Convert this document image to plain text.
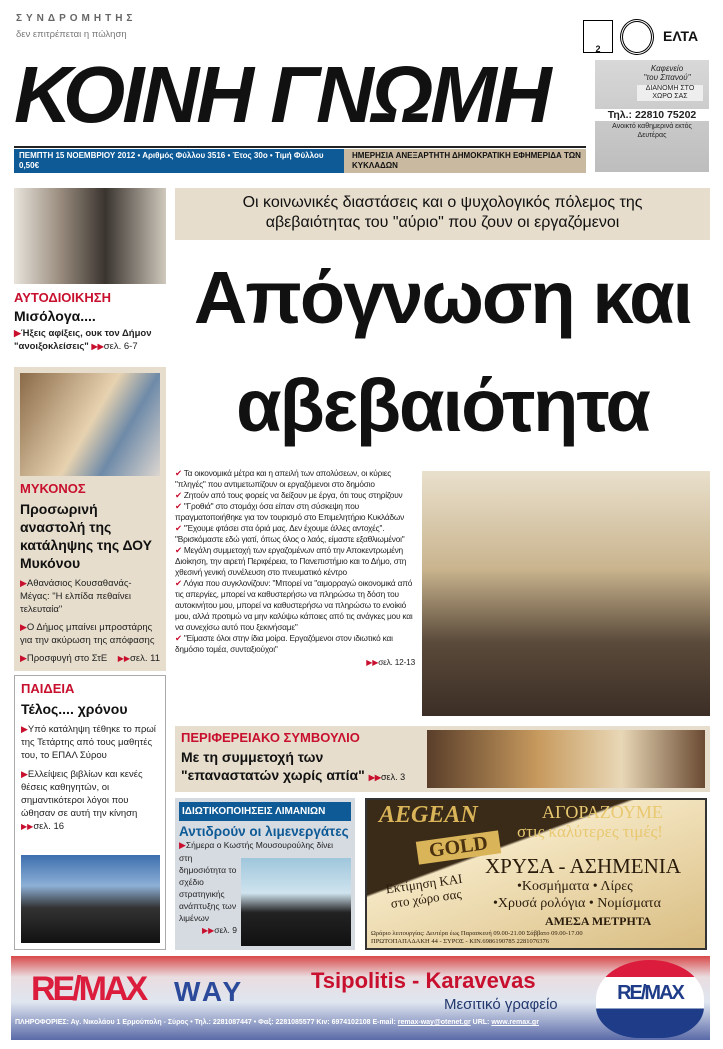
ΣΥΝΔΡΟΜΗΤΗΣ
δεν επιτρέπεται η πώληση
ΚΟΙΝΗ ΓΝΩΜΗ
ΠΕΜΠΤΗ 15 ΝΟΕΜΒΡΙΟΥ 2012 • Αριθμός Φύλλου 3516 • Έτος 30ο • Τιμή Φύλλου 0,50€
ΗΜΕΡΗΣΙΑ ΑΝΕΞΑΡΤΗΤΗ ΔΗΜΟΚΡΑΤΙΚΗ ΕΦΗΜΕΡΙΔΑ ΤΩΝ ΚΥΚΛΑΔΩΝ
2
ΕΛΤΑ
Καφενείο
"του Σπανού"
ΔΙΑΝΟΜΗ ΣΤΟ ΧΩΡΟ ΣΑΣ
Τηλ.: 22810 75202
Ανοικτό καθημερινά εκτός Δευτέρας
ΑΥΤΟΔΙΟΙΚΗΣΗ
Μισόλογα....
▶Ήξεις αφίξεις, ουκ τον Δήμον "ανοιξοκλείσεις" ▶▶σελ. 6-7
ΜΥΚΟΝΟΣ
Προσωρινή αναστολή της κατάληψης της ΔΟΥ Μυκόνου
▶Αθανάσιος Κουσαθανάς-Μέγας: "Η ελπίδα πεθαίνει τελευταία"
▶Ο Δήμος μπαίνει μπροστάρης για την ακύρωση της απόφασης
▶Προσφυγή στο ΣτΕ ▶▶σελ. 11
ΠΑΙΔΕΙΑ
Τέλος.... χρόνου
▶Υπό κατάληψη τέθηκε το πρωί της Τετάρτης από τους μαθητές του, το ΕΠΑΛ Σύρου
▶Ελλείψεις βιβλίων και κενές θέσεις καθηγητών, οι σημαντικότεροι λόγοι που ώθησαν σε αυτή την κίνηση ▶▶σελ. 16
Οι κοινωνικές διαστάσεις και ο ψυχολογικός πόλεμος της αβεβαιότητας του "αύριο" που ζουν οι εργαζόμενοι
Απόγνωση και
αβεβαιότητα
✔ Τα οικονομικά μέτρα και η απειλή των απολύσεων, οι κύριες "πληγές" που αντιμετωπίζουν οι εργαζόμενοι στο δημόσιο
✔ Ζητούν από τους φορείς να δείξουν με έργα, ότι τους στηρίζουν
✔ "Γροθιά" στο στομάχι όσα είπαν στη σύσκεψη που πραγματοποιήθηκε για τον τουρισμό στο Επιμελητήριο Κυκλάδων
✔ "Έχουμε φτάσει στα όριά μας. Δεν έχουμε άλλες αντοχές". "Βρισκόμαστε εδώ γιατί, όπως όλος ο λαός, είμαστε εξαθλιωμένοι"
✔ Μεγάλη συμμετοχή των εργαζομένων από την Αποκεντρωμένη Διοίκηση, την αιρετή Περιφέρεια, το Πανεπιστήμιο και το Δήμο, στη χθεσινή γενική συνέλευση στο πνευματικό κέντρο
✔ Λόγια που συγκλονίζουν: "Μπορεί να "αιμορραγώ οικονομικά από τις απεργίες, μπορεί να καθυστερήσω να πληρώσω τη δόση του αυτοκινήτου μου, μπορεί να καθυστερήσω να πληρώσω το ενοίκιό μου, αλλά προτιμώ να μην καλύψω κάποιες από τις ανάγκες μου και να συνεχίσω αυτό που ξεκινήσαμε"
✔ "Είμαστε όλοι στην ίδια μοίρα. Εργαζόμενοι στον ιδιωτικό και δημόσιο τομέα, συνταξιούχοι"
▶▶σελ. 12-13
ΠΕΡΙΦΕΡΕΙΑΚΟ ΣΥΜΒΟΥΛΙΟ
Με τη συμμετοχή των "επαναστατών χωρίς απία" ▶▶σελ. 3
ΙΔΙΩΤΙΚΟΠΟΙΗΣΕΙΣ ΛΙΜΑΝΙΩΝ
Αντιδρούν οι λιμενεργάτες
▶Σήμερα ο Κωστής Μουσουρούλης δίνει
στη δημοσιότητα το σχέδιο στρατηγικής ανάπτυξης των λιμένων
▶▶σελ. 9
AEGEAN
GOLD
ΑΓΟΡΑΖΟΥΜΕ
στις καλύτερες τιμές!
ΧΡΥΣΑ - ΑΣΗΜΕΝΙΑ
•Κοσμήματα • Λίρες
•Χρυσά ρολόγια • Νομίσματα
ΑΜΕΣΑ ΜΕΤΡΗΤΑ
Εκτίμηση ΚΑΙ στο χώρο σας
Ωράριο λειτουργίας: Δευτέρα έως Παρασκευή 09.00-21.00 Σάββατο 09.00-17.00
ΠΡΩΤΟΠΑΠΑΔΑΚΗ 44 - ΣΥΡΟΣ - ΚΙΝ.6986190785 2281076376
RE/MAX WAY	Tsipolitis - Karavevas
Μεσιτικό γραφείο
ΠΛΗΡΟΦΟΡΙΕΣ: Αγ. Νικολάου 1 Ερμούπολη - Σύρος • Τηλ.: 2281087447 • Φαξ: 2281085577 Κιν: 6974102108 E-mail: remax-way@otenet.gr URL: www.remax.gr
RE/MAX
